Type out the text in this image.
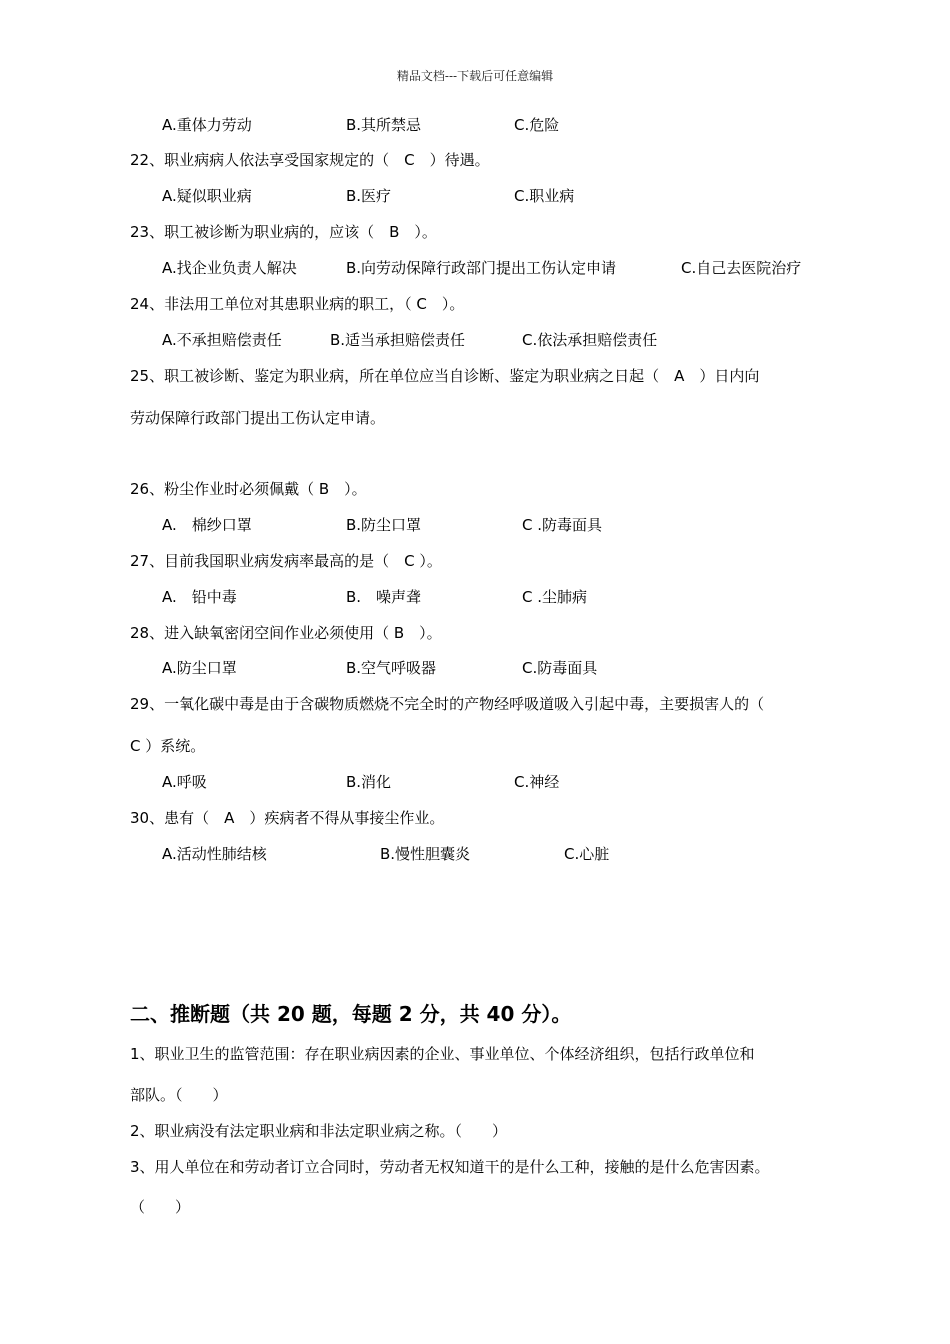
精品文档---下载后可任意编辑
A.重体力劳动	B.其所禁忌	C.危险
22、职业病病人依法享受国家规定的（　C　）待遇。
A.疑似职业病	B.医疗	C.职业病
23、职工被诊断为职业病的，应该（　B　）。
A.找企业负责人解决	B.向劳动保障行政部门提出工伤认定申请	C.自己去医院治疗
24、非法用工单位对其患职业病的职工，（ C　）。
A.不承担赔偿责任	B.适当承担赔偿责任	C.依法承担赔偿责任
25、职工被诊断、鉴定为职业病，所在单位应当自诊断、鉴定为职业病之日起（　A　）日内向
劳动保障行政部门提出工伤认定申请。
26、粉尘作业时必须佩戴（ B　）。
A.　棉纱口罩	B.防尘口罩	C .防毒面具
27、目前我国职业病发病率最高的是（　C ）。
A.　铅中毒	B.　噪声聋	C .尘肺病
28、进入缺氧密闭空间作业必须使用（ B　）。
A.防尘口罩	B.空气呼吸器	C.防毒面具
29、一氧化碳中毒是由于含碳物质燃烧不完全时的产物经呼吸道吸入引起中毒，主要损害人的（
C ）系统。
A.呼吸	B.消化	C.神经
30、患有（　A　）疾病者不得从事接尘作业。
A.活动性肺结核	B.慢性胆囊炎	C.心脏
二、推断题（共 20 题，每题 2 分，共 40 分）。
1、职业卫生的监管范围：存在职业病因素的企业、事业单位、个体经济组织，包括行政单位和
部队。（　　）
2、职业病没有法定职业病和非法定职业病之称。（　　）
3、用人单位在和劳动者订立合同时，劳动者无权知道干的是什么工种，接触的是什么危害因素。
（　　）
